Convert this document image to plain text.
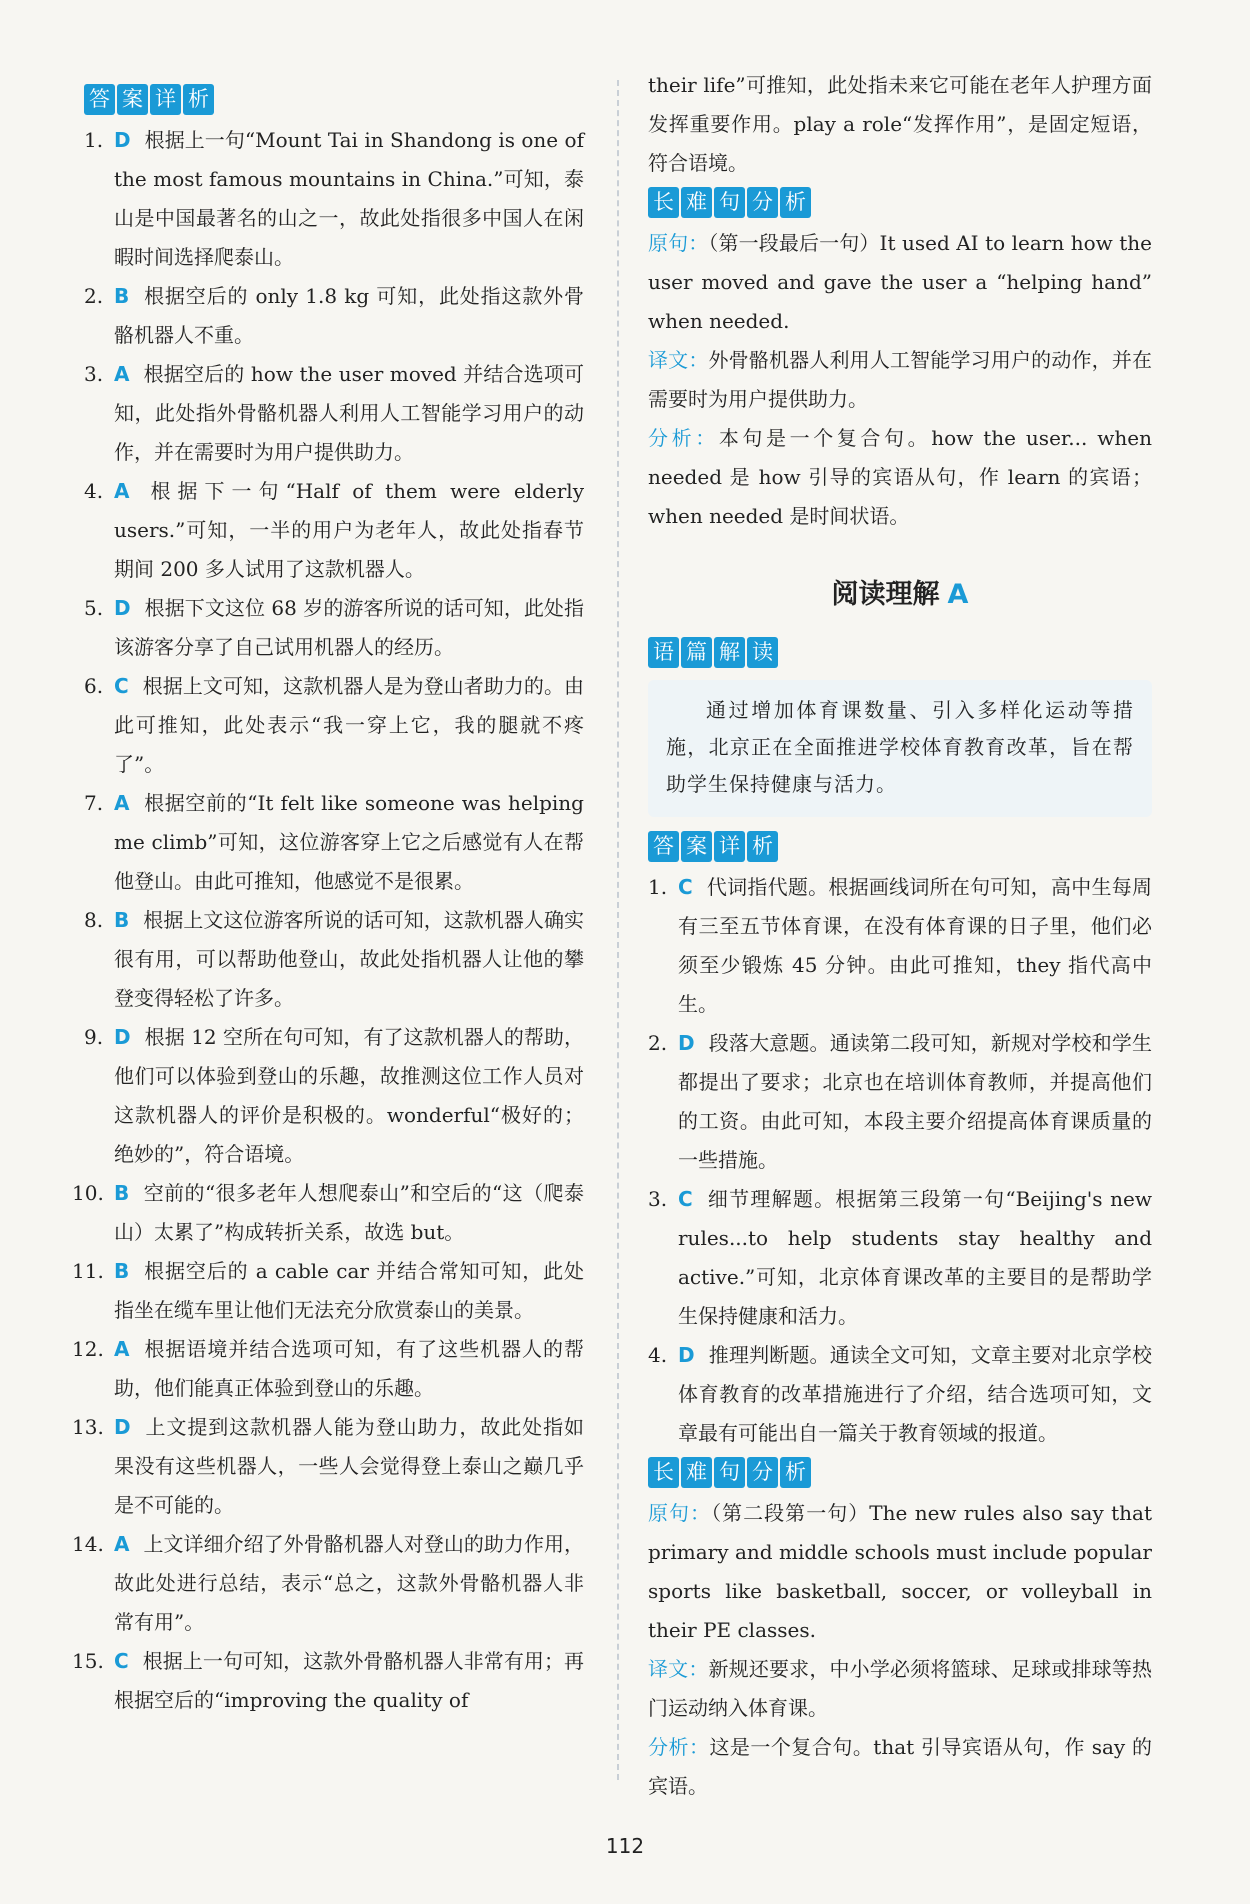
答 案 详 析

1. D 根据上一句“Mount Tai in Shandong is one of the most famous mountains in China.”可知，泰山是中国最著名的山之一，故此处指很多中国人在闲暇时间选择爬泰山。

2. B 根据空后的 only 1.8 kg 可知，此处指这款外骨骼机器人不重。

3. A 根据空后的 how the user moved 并结合选项可知，此处指外骨骼机器人利用人工智能学习用户的动作，并在需要时为用户提供助力。

4. A 根据下一句“Half of them were elderly users.”可知，一半的用户为老年人，故此处指春节期间 200 多人试用了这款机器人。

5. D 根据下文这位 68 岁的游客所说的话可知，此处指该游客分享了自己试用机器人的经历。

6. C 根据上文可知，这款机器人是为登山者助力的。由此可推知，此处表示“我一穿上它，我的腿就不疼了”。

7. A 根据空前的“It felt like someone was helping me climb”可知，这位游客穿上它之后感觉有人在帮他登山。由此可推知，他感觉不是很累。

8. B 根据上文这位游客所说的话可知，这款机器人确实很有用，可以帮助他登山，故此处指机器人让他的攀登变得轻松了许多。

9. D 根据 12 空所在句可知，有了这款机器人的帮助，他们可以体验到登山的乐趣，故推测这位工作人员对这款机器人的评价是积极的。wonderful“极好的；绝妙的”，符合语境。

10. B 空前的“很多老年人想爬泰山”和空后的“这（爬泰山）太累了”构成转折关系，故选 but。

11. B 根据空后的 a cable car 并结合常知可知，此处指坐在缆车里让他们无法充分欣赏泰山的美景。

12. A 根据语境并结合选项可知，有了这些机器人的帮助，他们能真正体验到登山的乐趣。

13. D 上文提到这款机器人能为登山助力，故此处指如果没有这些机器人，一些人会觉得登上泰山之巅几乎是不可能的。

14. A 上文详细介绍了外骨骼机器人对登山的助力作用，故此处进行总结，表示“总之，这款外骨骼机器人非常有用”。

15. C 根据上一句可知，这款外骨骼机器人非常有用；再根据空后的“improving the quality of

their life”可推知，此处指未来它可能在老年人护理方面发挥重要作用。play a role“发挥作用”，是固定短语，符合语境。

长 难 句 分 析

原句：（第一段最后一句）It used AI to learn how the user moved and gave the user a “helping hand” when needed.

译文：外骨骼机器人利用人工智能学习用户的动作，并在需要时为用户提供助力。

分析：本句是一个复合句。how the user... when needed 是 how 引导的宾语从句，作 learn 的宾语；when needed 是时间状语。

阅读理解 A
语 篇 解 读
通过增加体育课数量、引入多样化运动等措施，北京正在全面推进学校体育教育改革，旨在帮助学生保持健康与活力。
答 案 详 析

1. C 代词指代题。根据画线词所在句可知，高中生每周有三至五节体育课，在没有体育课的日子里，他们必须至少锻炼 45 分钟。由此可推知，they 指代高中生。

2. D 段落大意题。通读第二段可知，新规对学校和学生都提出了要求；北京也在培训体育教师，并提高他们的工资。由此可知，本段主要介绍提高体育课质量的一些措施。

3. C 细节理解题。根据第三段第一句“Beijing's new rules...to help students stay healthy and active.”可知，北京体育课改革的主要目的是帮助学生保持健康和活力。

4. D 推理判断题。通读全文可知，文章主要对北京学校体育教育的改革措施进行了介绍，结合选项可知，文章最有可能出自一篇关于教育领域的报道。

长 难 句 分 析

原句：（第二段第一句）The new rules also say that primary and middle schools must include popular sports like basketball, soccer, or volleyball in their PE classes.

译文：新规还要求，中小学必须将篮球、足球或排球等热门运动纳入体育课。

分析：这是一个复合句。that 引导宾语从句，作 say 的宾语。

112
